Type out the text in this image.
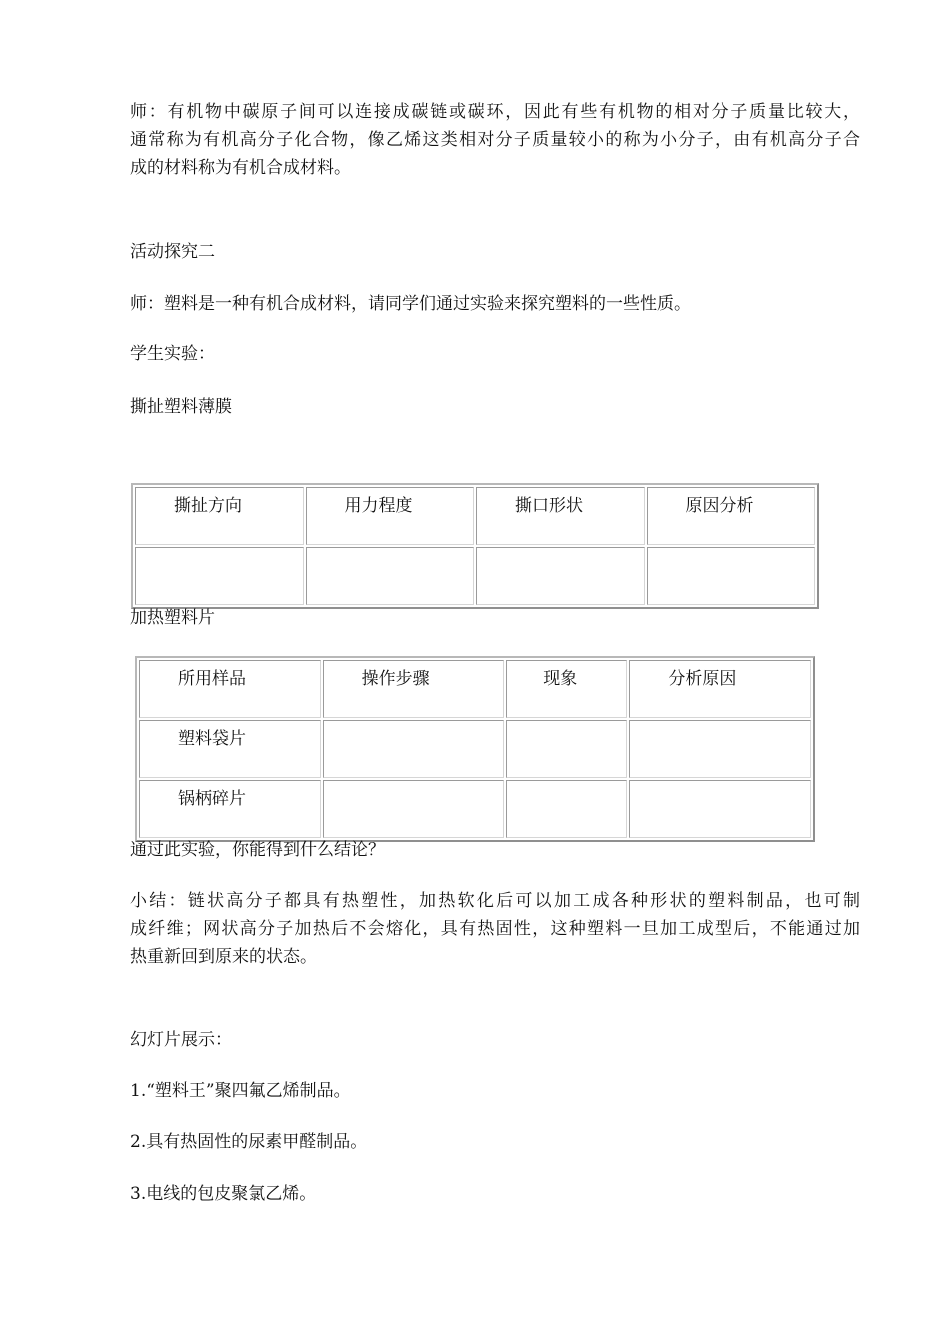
师：有机物中碳原子间可以连接成碳链或碳环，因此有些有机物的相对分子质量比较大，
通常称为有机高分子化合物，像乙烯这类相对分子质量较小的称为小分子，由有机高分子合
成的材料称为有机合成材料。

活动探究二

师：塑料是一种有机合成材料，请同学们通过实验来探究塑料的一些性质。

学生实验：

撕扯塑料薄膜

撕扯方向	用力程度	撕口形状	原因分析

加热塑料片

所用样品	操作步骤	现象	分析原因

塑料袋片			

锅柄碎片			

通过此实验，你能得到什么结论？

小结：链状高分子都具有热塑性，加热软化后可以加工成各种形状的塑料制品，也可制
成纤维；网状高分子加热后不会熔化，具有热固性，这种塑料一旦加工成型后，不能通过加
热重新回到原来的状态。

幻灯片展示：

1.“塑料王”聚四氟乙烯制品。

2.具有热固性的尿素甲醛制品。

3.电线的包皮聚氯乙烯。
